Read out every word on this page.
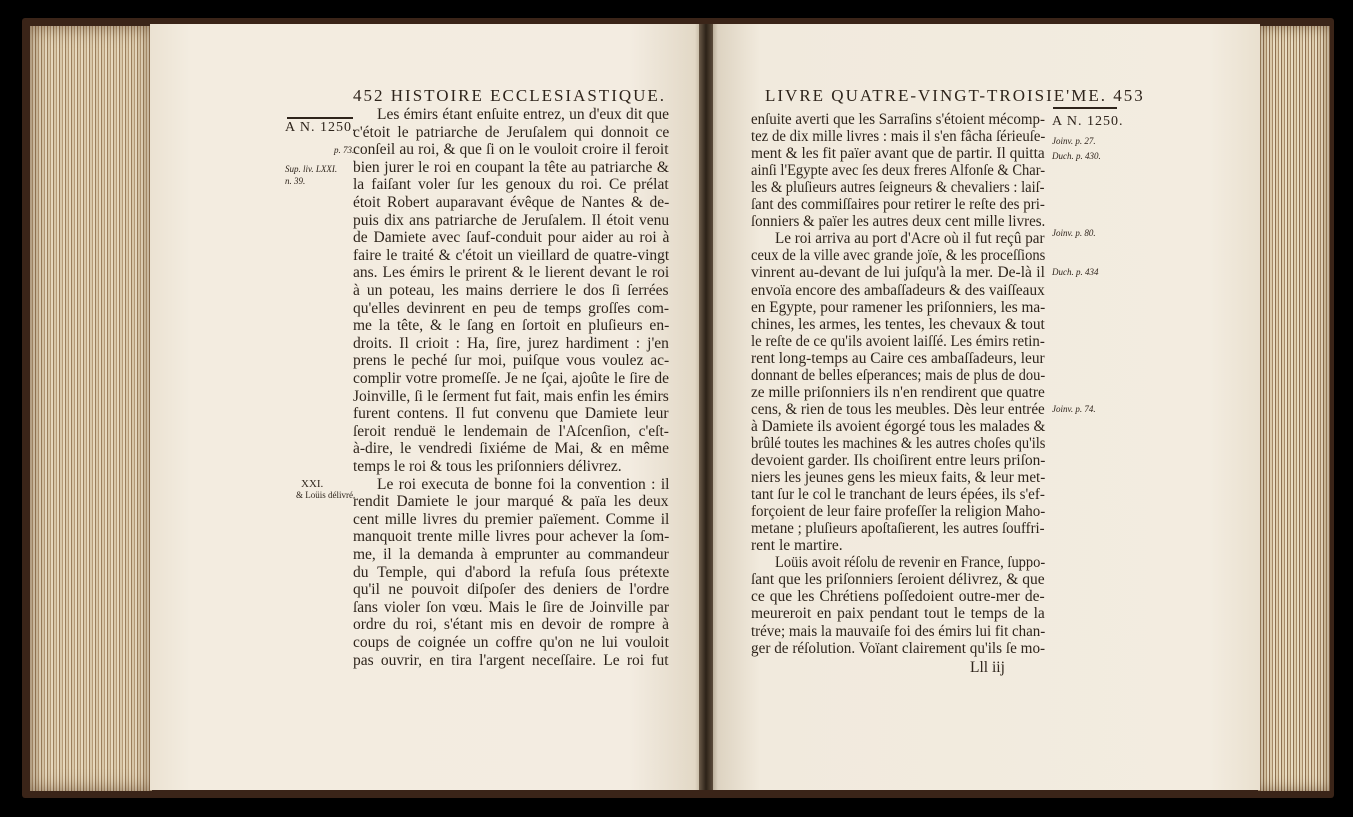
452 HISTOIRE ECCLESIASTIQUE.
A N. 1250.
p. 73.
Sup. liv. LXXI.
n. 39.
XXI.
& Loüis délivré.
Les émirs étant enſuite entrez, un d'eux dit que
c'étoit le patriarche de Jeruſalem qui donnoit ce
conſeil au roi, & que ſi on le vouloit croire il feroit
bien jurer le roi en coupant la tête au patriarche &
la faiſant voler ſur les genoux du roi. Ce prélat
étoit Robert auparavant évêque de Nantes & de-
puis dix ans patriarche de Jeruſalem. Il étoit venu
de Damiete avec ſauf-conduit pour aider au roi à
faire le traité & c'étoit un vieillard de quatre-vingt
ans. Les émirs le prirent & le lierent devant le roi
à un poteau, les mains derriere le dos ſi ſerrées
qu'elles devinrent en peu de temps groſſes com-
me la tête, & le ſang en ſortoit en pluſieurs en-
droits. Il crioit : Ha, ſire, jurez hardiment : j'en
prens le peché ſur moi, puiſque vous voulez ac-
complir votre promeſſe. Je ne ſçai, ajoûte le ſire de
Joinville, ſi le ſerment fut fait, mais enfin les émirs
furent contens. Il fut convenu que Damiete leur
ſeroit renduë le lendemain de l'Aſcenſion, c'eſt-
à-dire, le vendredi ſixiéme de Mai, & en même
temps le roi & tous les priſonniers délivrez.
Le roi executa de bonne foi la convention : il
rendit Damiete le jour marqué & païa les deux
cent mille livres du premier païement. Comme il
manquoit trente mille livres pour achever la ſom-
me, il la demanda à emprunter au commandeur
du Temple, qui d'abord la refuſa ſous prétexte
qu'il ne pouvoit diſpoſer des deniers de l'ordre
ſans violer ſon vœu. Mais le ſire de Joinville par
ordre du roi, s'étant mis en devoir de rompre à
coups de coignée un coffre qu'on ne lui vouloit
pas ouvrir, en tira l'argent neceſſaire. Le roi fut
LIVRE QUATRE-VINGT-TROISIE'ME. 453
A N. 1250.
Joinv. p. 27.
Duch. p. 430.
Joinv. p. 80.
Duch. p. 434
Joinv. p. 74.
enſuite averti que les Sarraſins s'étoient mécomp-
tez de dix mille livres : mais il s'en fâcha ſérieuſe-
ment & les fit païer avant que de partir. Il quitta
ainſi l'Egypte avec ſes deux freres Alfonſe & Char-
les & pluſieurs autres ſeigneurs & chevaliers : laiſ-
ſant des commiſſaires pour retirer le reſte des pri-
ſonniers & païer les autres deux cent mille livres.
Le roi arriva au port d'Acre où il fut reçû par
ceux de la ville avec grande joïe, & les proceſſions
vinrent au-devant de lui juſqu'à la mer. De-là il
envoïa encore des ambaſſadeurs & des vaiſſeaux
en Egypte, pour ramener les priſonniers, les ma-
chines, les armes, les tentes, les chevaux & tout
le reſte de ce qu'ils avoient laiſſé. Les émirs retin-
rent long-temps au Caire ces ambaſſadeurs, leur
donnant de belles eſperances; mais de plus de dou-
ze mille priſonniers ils n'en rendirent que quatre
cens, & rien de tous les meubles. Dès leur entrée
à Damiete ils avoient égorgé tous les malades &
brûlé toutes les machines & les autres choſes qu'ils
devoient garder. Ils choiſirent entre leurs priſon-
niers les jeunes gens les mieux faits, & leur met-
tant ſur le col le tranchant de leurs épées, ils s'ef-
forçoient de leur faire profeſſer la religion Maho-
metane ; pluſieurs apoſtaſierent, les autres ſouffri-
rent le martire.
Loüis avoit réſolu de revenir en France, ſuppo-
ſant que les priſonniers ſeroient délivrez, & que
ce que les Chrétiens poſſedoient outre-mer de-
meureroit en paix pendant tout le temps de la
tréve; mais la mauvaiſe foi des émirs lui fit chan-
ger de réſolution. Voïant clairement qu'ils ſe mo-
Lll iij
